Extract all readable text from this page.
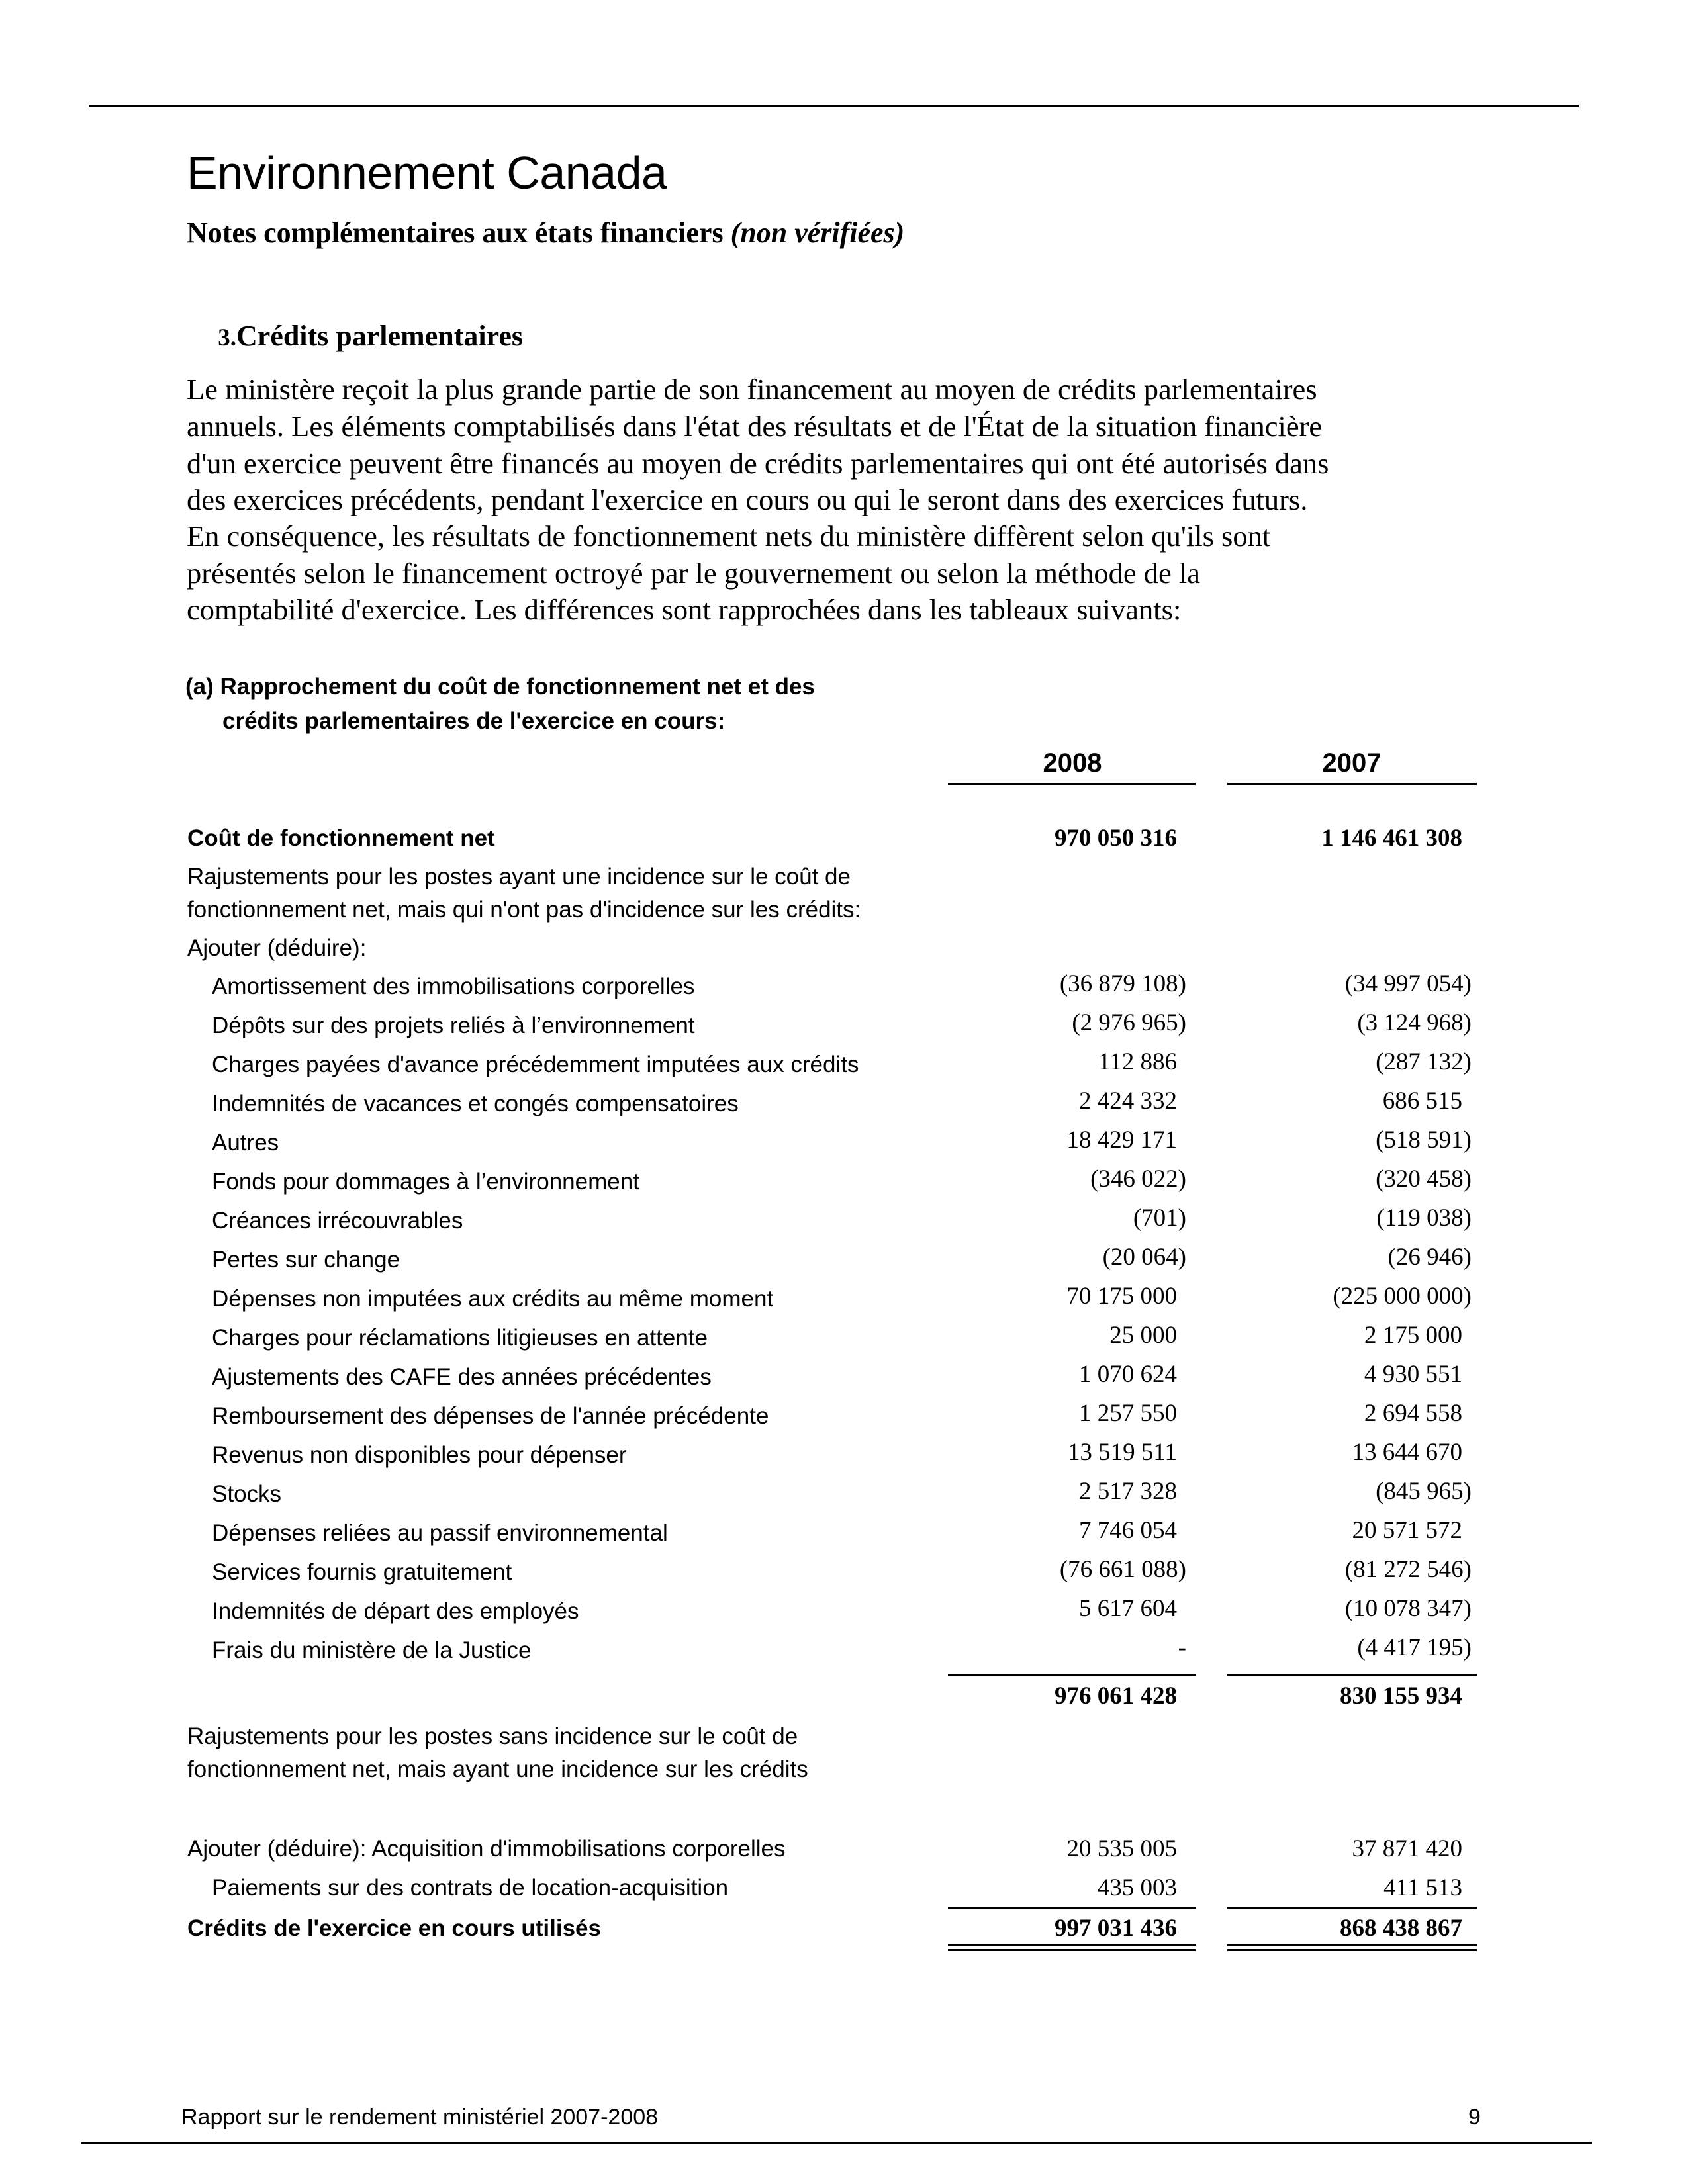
Environnement Canada
Notes complémentaires aux états financiers (non vérifiées)
3.Crédits parlementaires
Le ministère reçoit la plus grande partie de son financement au moyen de crédits parlementaires
annuels. Les éléments comptabilisés dans l'état des résultats et de l'État de la situation financière
d'un exercice peuvent être financés au moyen de crédits parlementaires qui ont été autorisés dans
des exercices précédents, pendant l'exercice en cours ou qui le seront dans des exercices futurs.
En conséquence, les résultats de fonctionnement nets du ministère diffèrent selon qu'ils sont
présentés selon le financement octroyé par le gouvernement ou selon la méthode de la
comptabilité d'exercice. Les différences sont rapprochées dans les tableaux suivants:
(a) Rapprochement du coût de fonctionnement net et des
crédits parlementaires de l'exercice en cours:
2008	2007
Coût de fonctionnement net	970 050 316	1 146 461 308
Rajustements pour les postes ayant une incidence sur le coût de
fonctionnement net, mais qui n'ont pas d'incidence sur les crédits:
Ajouter (déduire):
Amortissement des immobilisations corporelles	(36 879 108)	(34 997 054)
Dépôts sur des projets reliés à l’environnement	(2 976 965)	(3 124 968)
Charges payées d'avance précédemment imputées aux crédits	112 886	(287 132)
Indemnités de vacances et congés compensatoires	2 424 332	686 515
Autres	18 429 171	(518 591)
Fonds pour dommages à l’environnement	(346 022)	(320 458)
Créances irrécouvrables	(701)	(119 038)
Pertes sur change	(20 064)	(26 946)
Dépenses non imputées aux crédits au même moment	70 175 000	(225 000 000)
Charges pour réclamations litigieuses en attente	25 000	2 175 000
Ajustements des CAFE des années précédentes	1 070 624	4 930 551
Remboursement des dépenses de l'année précédente	1 257 550	2 694 558
Revenus non disponibles pour dépenser	13 519 511	13 644 670
Stocks	2 517 328	(845 965)
Dépenses reliées au passif environnemental	7 746 054	20 571 572
Services fournis gratuitement	(76 661 088)	(81 272 546)
Indemnités de départ des employés	5 617 604	(10 078 347)
Frais du ministère de la Justice	-	(4 417 195)
976 061 428	830 155 934
Rajustements pour les postes sans incidence sur le coût de
fonctionnement net, mais ayant une incidence sur les crédits
Ajouter (déduire): Acquisition d'immobilisations corporelles	20 535 005	37 871 420
Paiements sur des contrats de location-acquisition	435 003	411 513
Crédits de l'exercice en cours utilisés	997 031 436	868 438 867
Rapport sur le rendement ministériel 2007-2008	9
